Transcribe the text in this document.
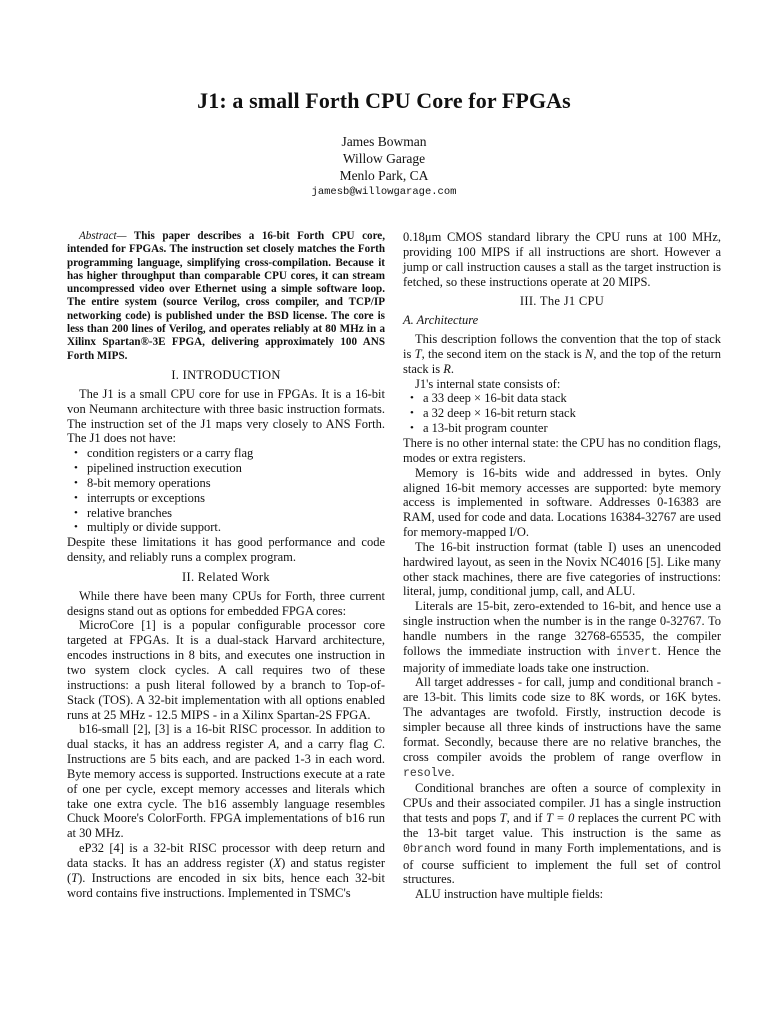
J1: a small Forth CPU Core for FPGAs
James Bowman
Willow Garage
Menlo Park, CA
jamesb@willowgarage.com

Abstract— This paper describes a 16-bit Forth CPU core, intended for FPGAs. The instruction set closely matches the Forth programming language, simplifying cross-compilation. Because it has higher throughput than comparable CPU cores, it can stream uncompressed video over Ethernet using a simple software loop. The entire system (source Verilog, cross compiler, and TCP/IP networking code) is published under the BSD license. The core is less than 200 lines of Verilog, and operates reliably at 80 MHz in a Xilinx Spartan®-3E FPGA, delivering approximately 100 ANS Forth MIPS.

I. INTRODUCTION

The J1 is a small CPU core for use in FPGAs. It is a 16-bit von Neumann architecture with three basic instruction formats. The instruction set of the J1 maps very closely to ANS Forth. The J1 does not have:

• condition registers or a carry flag
• pipelined instruction execution
• 8-bit memory operations
• interrupts or exceptions
• relative branches
• multiply or divide support.

Despite these limitations it has good performance and code density, and reliably runs a complex program.

II. Related Work

While there have been many CPUs for Forth, three current designs stand out as options for embedded FPGA cores:

MicroCore [1] is a popular configurable processor core targeted at FPGAs. It is a dual-stack Harvard architecture, encodes instructions in 8 bits, and executes one instruction in two system clock cycles. A call requires two of these instructions: a push literal followed by a branch to Top-of-Stack (TOS). A 32-bit implementation with all options enabled runs at 25 MHz - 12.5 MIPS - in a Xilinx Spartan-2S FPGA.

b16-small [2], [3] is a 16-bit RISC processor. In addition to dual stacks, it has an address register A, and a carry flag C. Instructions are 5 bits each, and are packed 1-3 in each word. Byte memory access is supported. Instructions execute at a rate of one per cycle, except memory accesses and literals which take one extra cycle. The b16 assembly language resembles Chuck Moore's ColorForth. FPGA implementations of b16 run at 30 MHz.

eP32 [4] is a 32-bit RISC processor with deep return and data stacks. It has an address register (X) and status register (T). Instructions are encoded in six bits, hence each 32-bit word contains five instructions. Implemented in TSMC's

0.18μm CMOS standard library the CPU runs at 100 MHz, providing 100 MIPS if all instructions are short. However a jump or call instruction causes a stall as the target instruction is fetched, so these instructions operate at 20 MIPS.

III. The J1 CPU
A. Architecture

This description follows the convention that the top of stack is T, the second item on the stack is N, and the top of the return stack is R.

J1's internal state consists of:

• a 33 deep × 16-bit data stack
• a 32 deep × 16-bit return stack
• a 13-bit program counter

There is no other internal state: the CPU has no condition flags, modes or extra registers.

Memory is 16-bits wide and addressed in bytes. Only aligned 16-bit memory accesses are supported: byte memory access is implemented in software. Addresses 0-16383 are RAM, used for code and data. Locations 16384-32767 are used for memory-mapped I/O.

The 16-bit instruction format (table I) uses an unencoded hardwired layout, as seen in the Novix NC4016 [5]. Like many other stack machines, there are five categories of instructions: literal, jump, conditional jump, call, and ALU.

Literals are 15-bit, zero-extended to 16-bit, and hence use a single instruction when the number is in the range 0-32767. To handle numbers in the range 32768-65535, the compiler follows the immediate instruction with invert. Hence the majority of immediate loads take one instruction.

All target addresses - for call, jump and conditional branch - are 13-bit. This limits code size to 8K words, or 16K bytes. The advantages are twofold. Firstly, instruction decode is simpler because all three kinds of instructions have the same format. Secondly, because there are no relative branches, the cross compiler avoids the problem of range overflow in resolve.

Conditional branches are often a source of complexity in CPUs and their associated compiler. J1 has a single instruction that tests and pops T, and if T = 0 replaces the current PC with the 13-bit target value. This instruction is the same as 0branch word found in many Forth implementations, and is of course sufficient to implement the full set of control structures.

ALU instruction have multiple fields:
